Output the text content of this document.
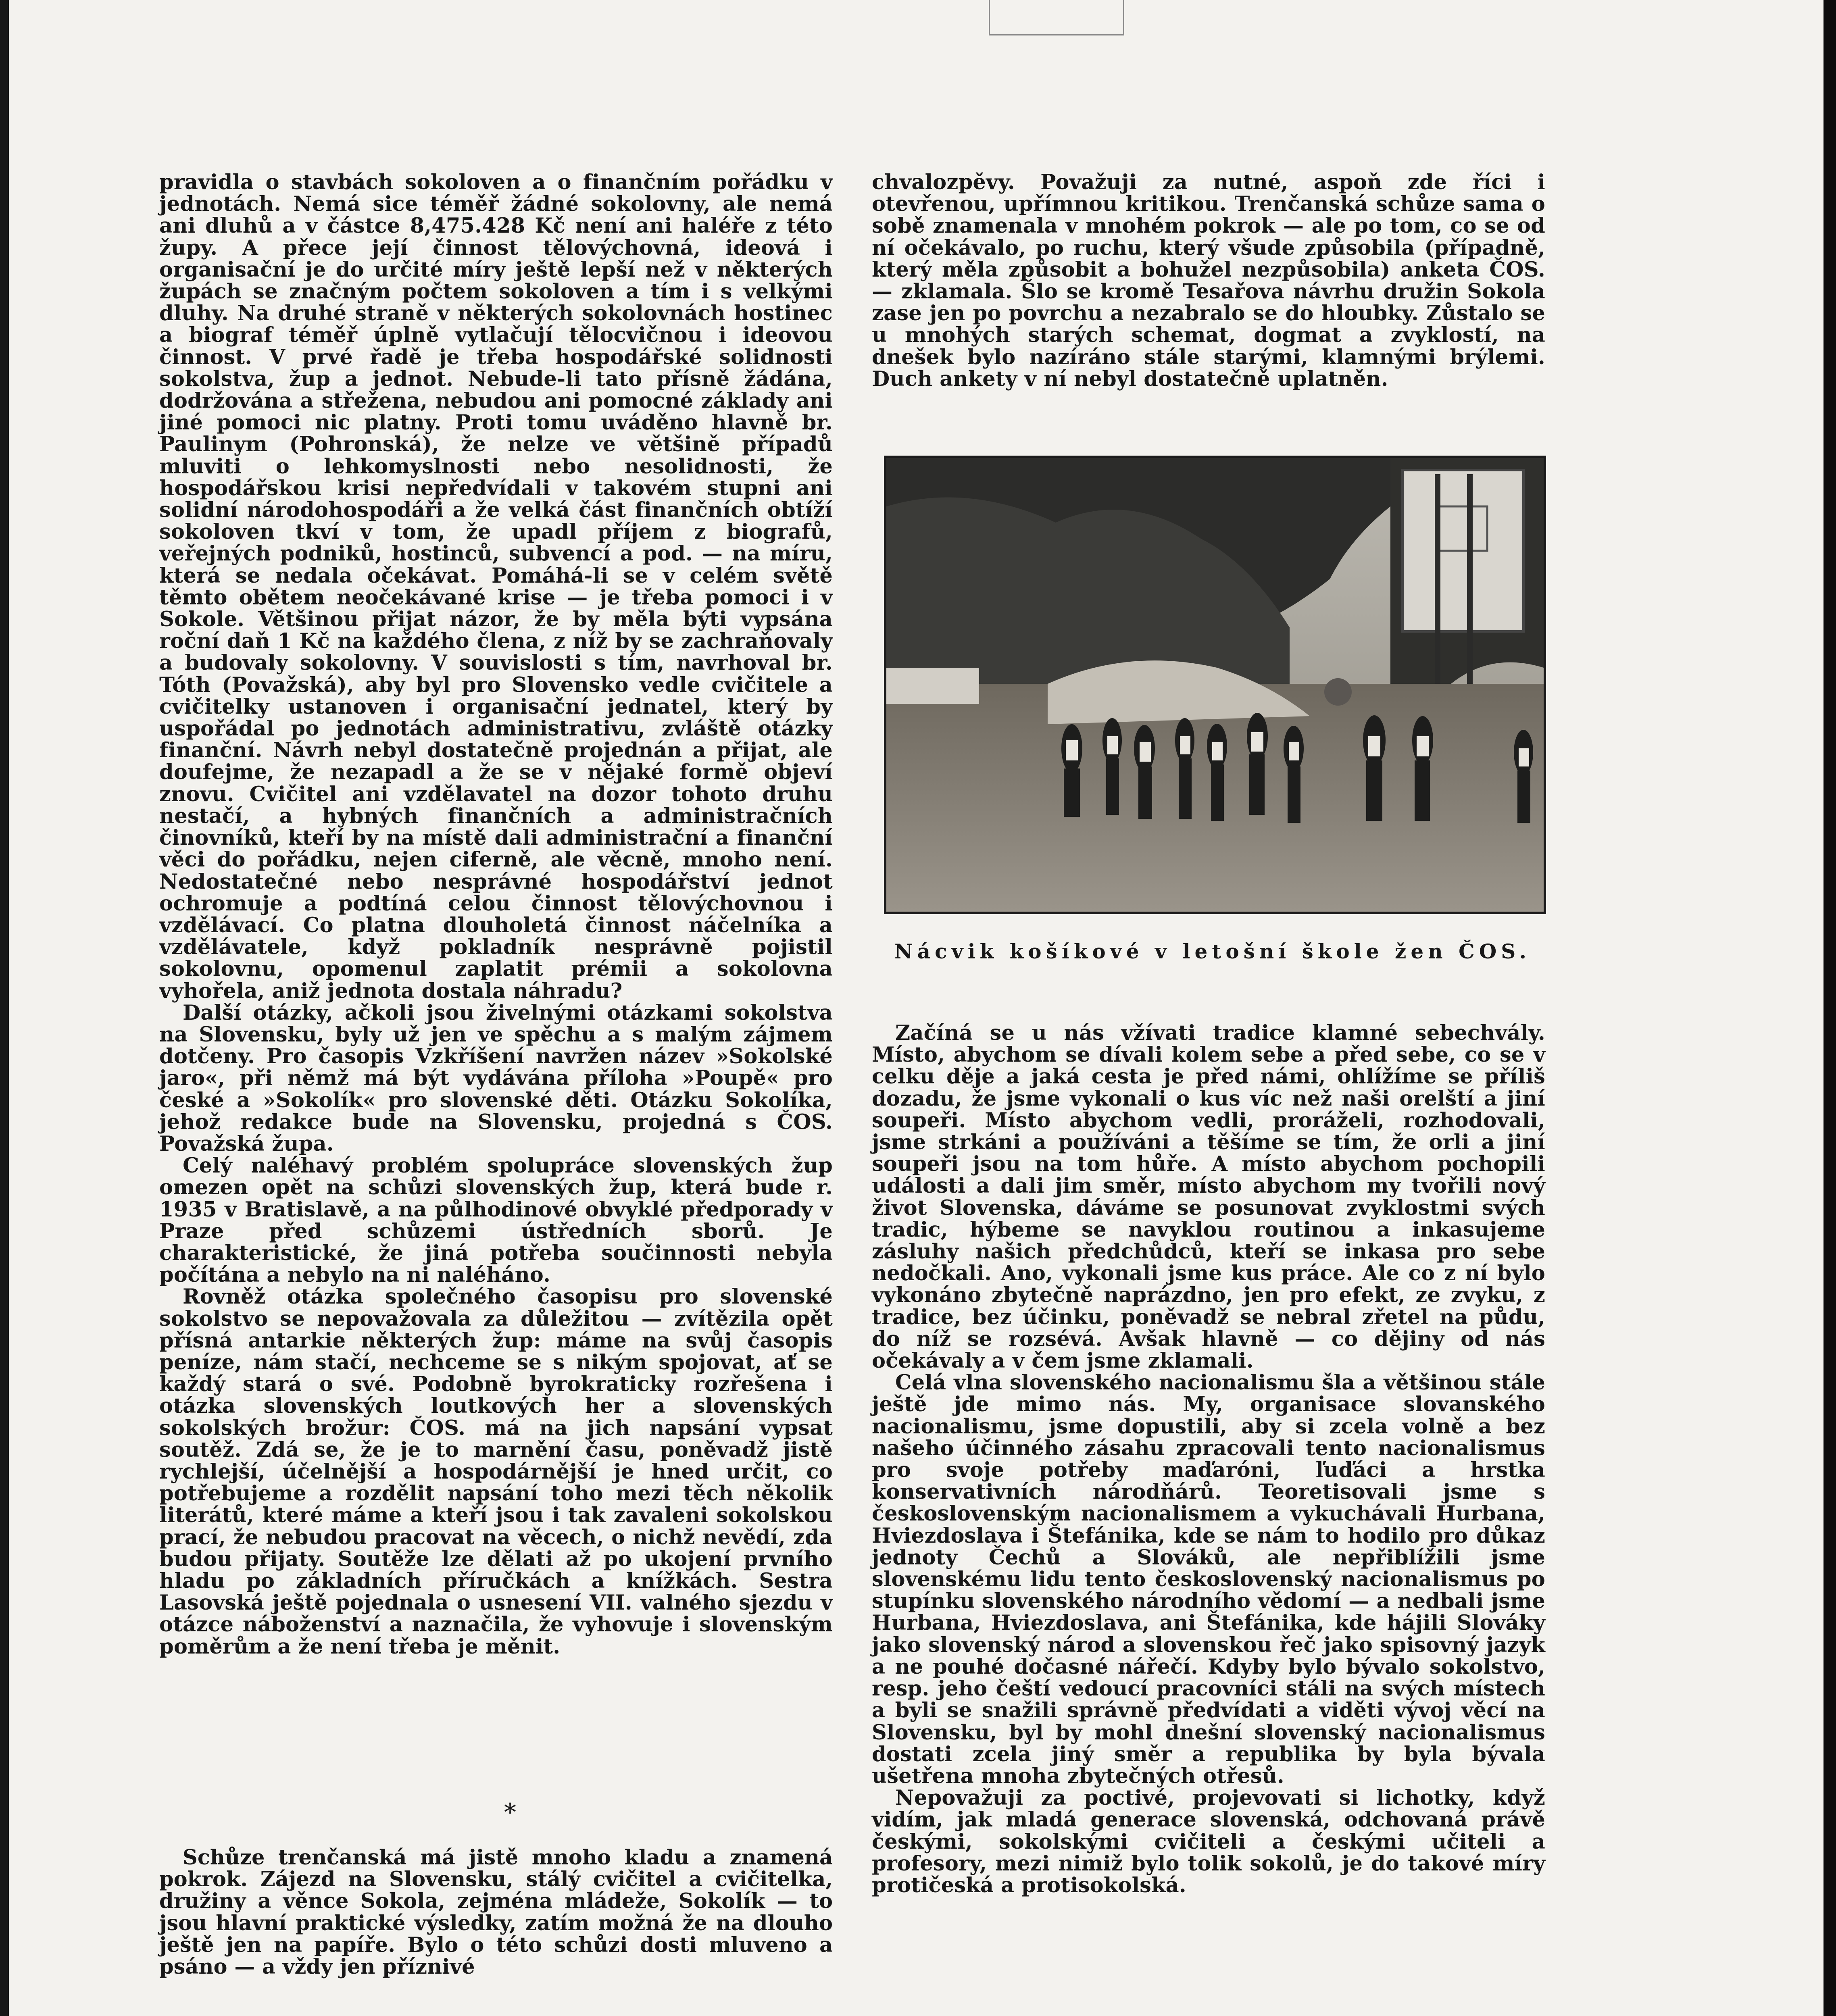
pravidla o stavbách sokoloven a o finančním pořádku v jednotách. Nemá sice téměř žádné sokolovny, ale nemá ani dluhů a v částce 8,475.428 Kč není ani haléře z této župy. A přece její činnost tělovýchovná, ideová i organisační je do určité míry ještě lepší než v některých župách se značným počtem sokoloven a tím i s velkými dluhy. Na druhé straně v některých sokolovnách hostinec a biograf téměř úplně vytlačují tělocvičnou i ideovou činnost. V prvé řadě je třeba hospodářské solidnosti sokolstva, žup a jednot. Nebude-li tato přísně žádána, dodržována a střežena, nebudou ani pomocné základy ani jiné pomoci nic platny. Proti tomu uváděno hlavně br. Paulinym (Pohronská), že nelze ve většině případů mluviti o lehkomyslnosti nebo nesolidnosti, že hospodářskou krisi nepředvídali v takovém stupni ani solidní národohospodáři a že velká část finančních obtíží sokoloven tkví v tom, že upadl příjem z biografů, veřejných podniků, hostinců, subvencí a pod. — na míru, která se nedala očekávat. Pomáhá-li se v celém světě těmto obětem neočekávané krise — je třeba pomoci i v Sokole. Většinou přijat názor, že by měla býti vypsána roční daň 1 Kč na každého člena, z níž by se zachraňovaly a budovaly sokolovny. V souvislosti s tím, navrhoval br. Tóth (Považská), aby byl pro Slovensko vedle cvičitele a cvičitelky ustanoven i organisační jednatel, který by uspořádal po jednotách administrativu, zvláště otázky finanční. Návrh nebyl dostatečně projednán a přijat, ale doufejme, že nezapadl a že se v nějaké formě objeví znovu. Cvičitel ani vzdělavatel na dozor tohoto druhu nestačí, a hybných finančních a administračních činovníků, kteří by na místě dali administrační a finanční věci do pořádku, nejen ciferně, ale věcně, mnoho není. Nedostatečné nebo nesprávné hospodářství jednot ochromuje a podtíná celou činnost tělovýchovnou i vzdělávací. Co platna dlouholetá činnost náčelníka a vzdělávatele, když pokladník nesprávně pojistil sokolovnu, opomenul zaplatit prémii a sokolovna vyhořela, aniž jednota dostala náhradu?

Další otázky, ačkoli jsou živelnými otázkami sokolstva na Slovensku, byly už jen ve spěchu a s malým zájmem dotčeny. Pro časopis Vzkříšení navržen název »Sokolské jaro«, při němž má být vydávána příloha »Poupě« pro české a »Sokolík« pro slovenské děti. Otázku Sokolíka, jehož redakce bude na Slovensku, projedná s ČOS. Považská župa.

Celý naléhavý problém spolupráce slovenských žup omezen opět na schůzi slovenských žup, která bude r. 1935 v Bratislavě, a na půlhodinové obvyklé předporady v Praze před schůzemi ústředních sborů. Je charakteristické, že jiná potřeba součinnosti nebyla počítána a nebylo na ni naléháno.

Rovněž otázka společného časopisu pro slovenské sokolstvo se nepovažovala za důležitou — zvítězila opět přísná antarkie některých žup: máme na svůj časopis peníze, nám stačí, nechceme se s nikým spojovat, ať se každý stará o své. Podobně byrokraticky rozřešena i otázka slovenských loutkových her a slovenských sokolských brožur: ČOS. má na jich napsání vypsat soutěž. Zdá se, že je to marnění času, poněvadž jistě rychlejší, účelnější a hospodárnější je hned určit, co potřebujeme a rozdělit napsání toho mezi těch několik literátů, které máme a kteří jsou i tak zavaleni sokolskou prací, že nebudou pracovat na věcech, o nichž nevědí, zda budou přijaty. Soutěže lze dělati až po ukojení prvního hladu po základních příručkách a knížkách. Sestra Lasovská ještě pojednala o usnesení VII. valného sjezdu v otázce náboženství a naznačila, že vyhovuje i slovenským poměrům a že není třeba je měnit.

*

Schůze trenčanská má jistě mnoho kladu a znamená pokrok. Zájezd na Slovensku, stálý cvičitel a cvičitelka, družiny a věnce Sokola, zejména mládeže, Sokolík — to jsou hlavní praktické výsledky, zatím možná že na dlouho ještě jen na papíře. Bylo o této schůzi dosti mluveno a psáno — a vždy jen příznivé

chvalozpěvy. Považuji za nutné, aspoň zde říci i otevřenou, upřímnou kritikou. Trenčanská schůze sama o sobě znamenala v mnohém pokrok — ale po tom, co se od ní očekávalo, po ruchu, který všude způsobila (případně, který měla způsobit a bohužel nezpůsobila) anketa ČOS. — zklamala. Šlo se kromě Tesařova návrhu družin Sokola zase jen po povrchu a nezabralo se do hloubky. Zůstalo se u mnohých starých schemat, dogmat a zvyklostí, na dnešek bylo nazíráno stále starými, klamnými brýlemi. Duch ankety v ní nebyl dostatečně uplatněn.

Nácvik košíkové v letošní škole žen ČOS.

Začíná se u nás vžívati tradice klamné sebechvály. Místo, abychom se dívali kolem sebe a před sebe, co se v celku děje a jaká cesta je před námi, ohlížíme se příliš dozadu, že jsme vykonali o kus víc než naši orelští a jiní soupeři. Místo abychom vedli, proráželi, rozhodovali, jsme strkáni a používáni a těšíme se tím, že orli a jiní soupeři jsou na tom hůře. A místo abychom pochopili události a dali jim směr, místo abychom my tvořili nový život Slovenska, dáváme se posunovat zvyklostmi svých tradic, hýbeme se navyklou routinou a inkasujeme zásluhy našich předchůdců, kteří se inkasa pro sebe nedočkali. Ano, vykonali jsme kus práce. Ale co z ní bylo vykonáno zbytečně naprázdno, jen pro efekt, ze zvyku, z tradice, bez účinku, poněvadž se nebral zřetel na půdu, do níž se rozsévá. Avšak hlavně — co dějiny od nás očekávaly a v čem jsme zklamali.

Celá vlna slovenského nacionalismu šla a většinou stále ještě jde mimo nás. My, organisace slovanského nacionalismu, jsme dopustili, aby si zcela volně a bez našeho účinného zásahu zpracovali tento nacionalismus pro svoje potřeby maďaróni, ľuďáci a hrstka konservativních národňárů. Teoretisovali jsme s československým nacionalismem a vykuchávali Hurbana, Hviezdoslava i Štefánika, kde se nám to hodilo pro důkaz jednoty Čechů a Slováků, ale nepřiblížili jsme slovenskému lidu tento československý nacionalismus po stupínku slovenského národního vědomí — a nedbali jsme Hurbana, Hviezdoslava, ani Štefánika, kde hájili Slováky jako slovenský národ a slovenskou řeč jako spisovný jazyk a ne pouhé dočasné nářečí. Kdyby bylo bývalo sokolstvo, resp. jeho čeští vedoucí pracovníci stáli na svých místech a byli se snažili správně předvídati a viděti vývoj věcí na Slovensku, byl by mohl dnešní slovenský nacionalismus dostati zcela jiný směr a republika by byla bývala ušetřena mnoha zbytečných otřesů.

Nepovažuji za poctivé, projevovati si lichotky, když vidím, jak mladá generace slovenská, odchovaná právě českými, sokolskými cvičiteli a českými učiteli a profesory, mezi nimiž bylo tolik sokolů, je do takové míry protičeská a protisokolská.
